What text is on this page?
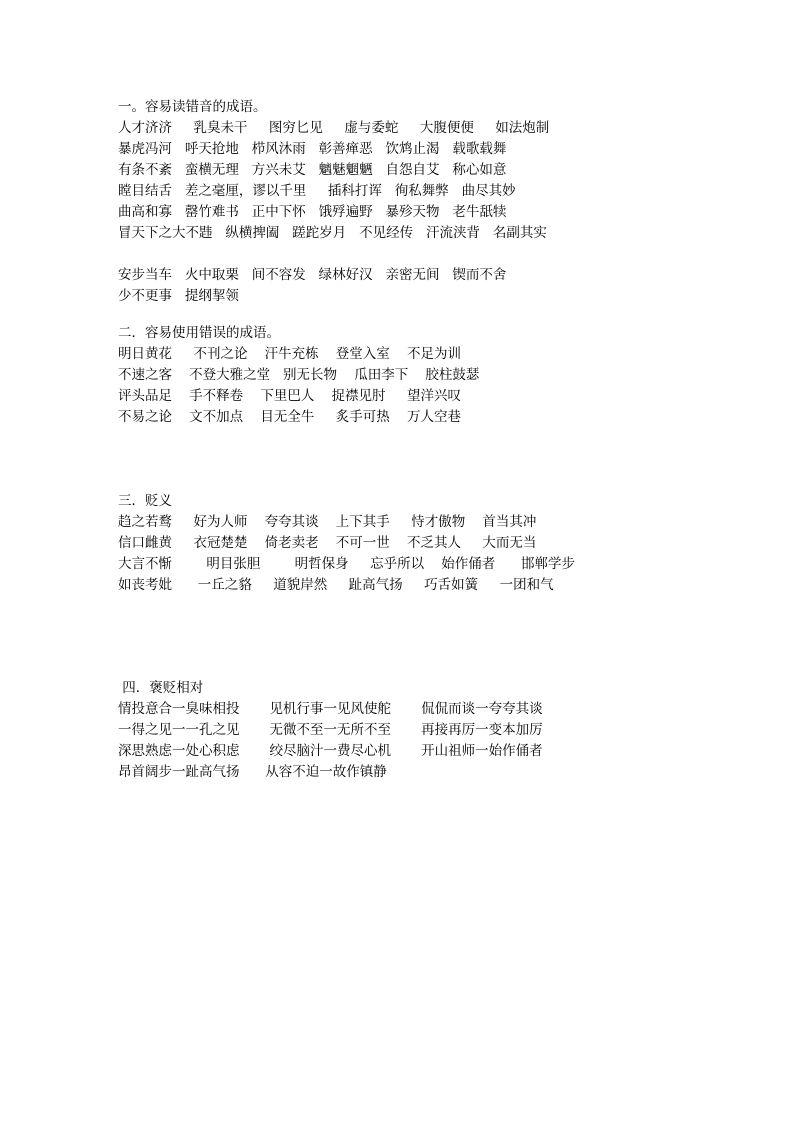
一。容易读错音的成语。
人才济济     乳臭未干     图穷匕见     虚与委蛇     大腹便便     如法炮制
暴虎冯河   呼天抢地   栉风沐雨   彰善瘅恶   饮鸩止渴   载歌载舞
有条不紊   蛮横无理   方兴未艾   魑魅魍魉   自怨自艾   称心如意
瞠目结舌   差之毫厘，谬以千里     插科打诨   徇私舞弊   曲尽其妙
曲高和寡   罄竹难书   正中下怀   饿殍遍野   暴殄天物   老牛舐犊
冒天下之大不韪   纵横捭阖   蹉跎岁月   不见经传   汗流浃背   名副其实
安步当车   火中取栗   间不容发   绿林好汉   亲密无间   锲而不舍
少不更事   提纲挈领
二．容易使用错误的成语。
明日黄花     不刊之论    汗牛充栋    登堂入室    不足为训
不速之客    不登大雅之堂   别无长物    瓜田李下    胶柱鼓瑟
评头品足    手不释卷    下里巴人    捉襟见肘     望洋兴叹
不易之论    文不加点    目无全牛     炙手可热    万人空巷
三．贬义
趋之若鹜     好为人师    夸夸其谈    上下其手     恃才傲物    首当其冲
信口雌黄     衣冠楚楚    倚老卖老    不可一世    不乏其人     大而无当
大言不惭        明目张胆        明哲保身     忘乎所以    始作俑者      邯郸学步
如丧考妣      一丘之貉     道貌岸然     趾高气扬     巧舌如簧     一团和气
四．褒贬相对
情投意合一臭味相投       见机行事一见风使舵       侃侃而谈一夸夸其谈
一得之见一一孔之见       无微不至一无所不至       再接再厉一变本加厉
深思熟虑一处心积虑       绞尽脑汁一费尽心机       开山祖师一始作俑者
昂首阔步一趾高气扬      从容不迫一故作镇静
